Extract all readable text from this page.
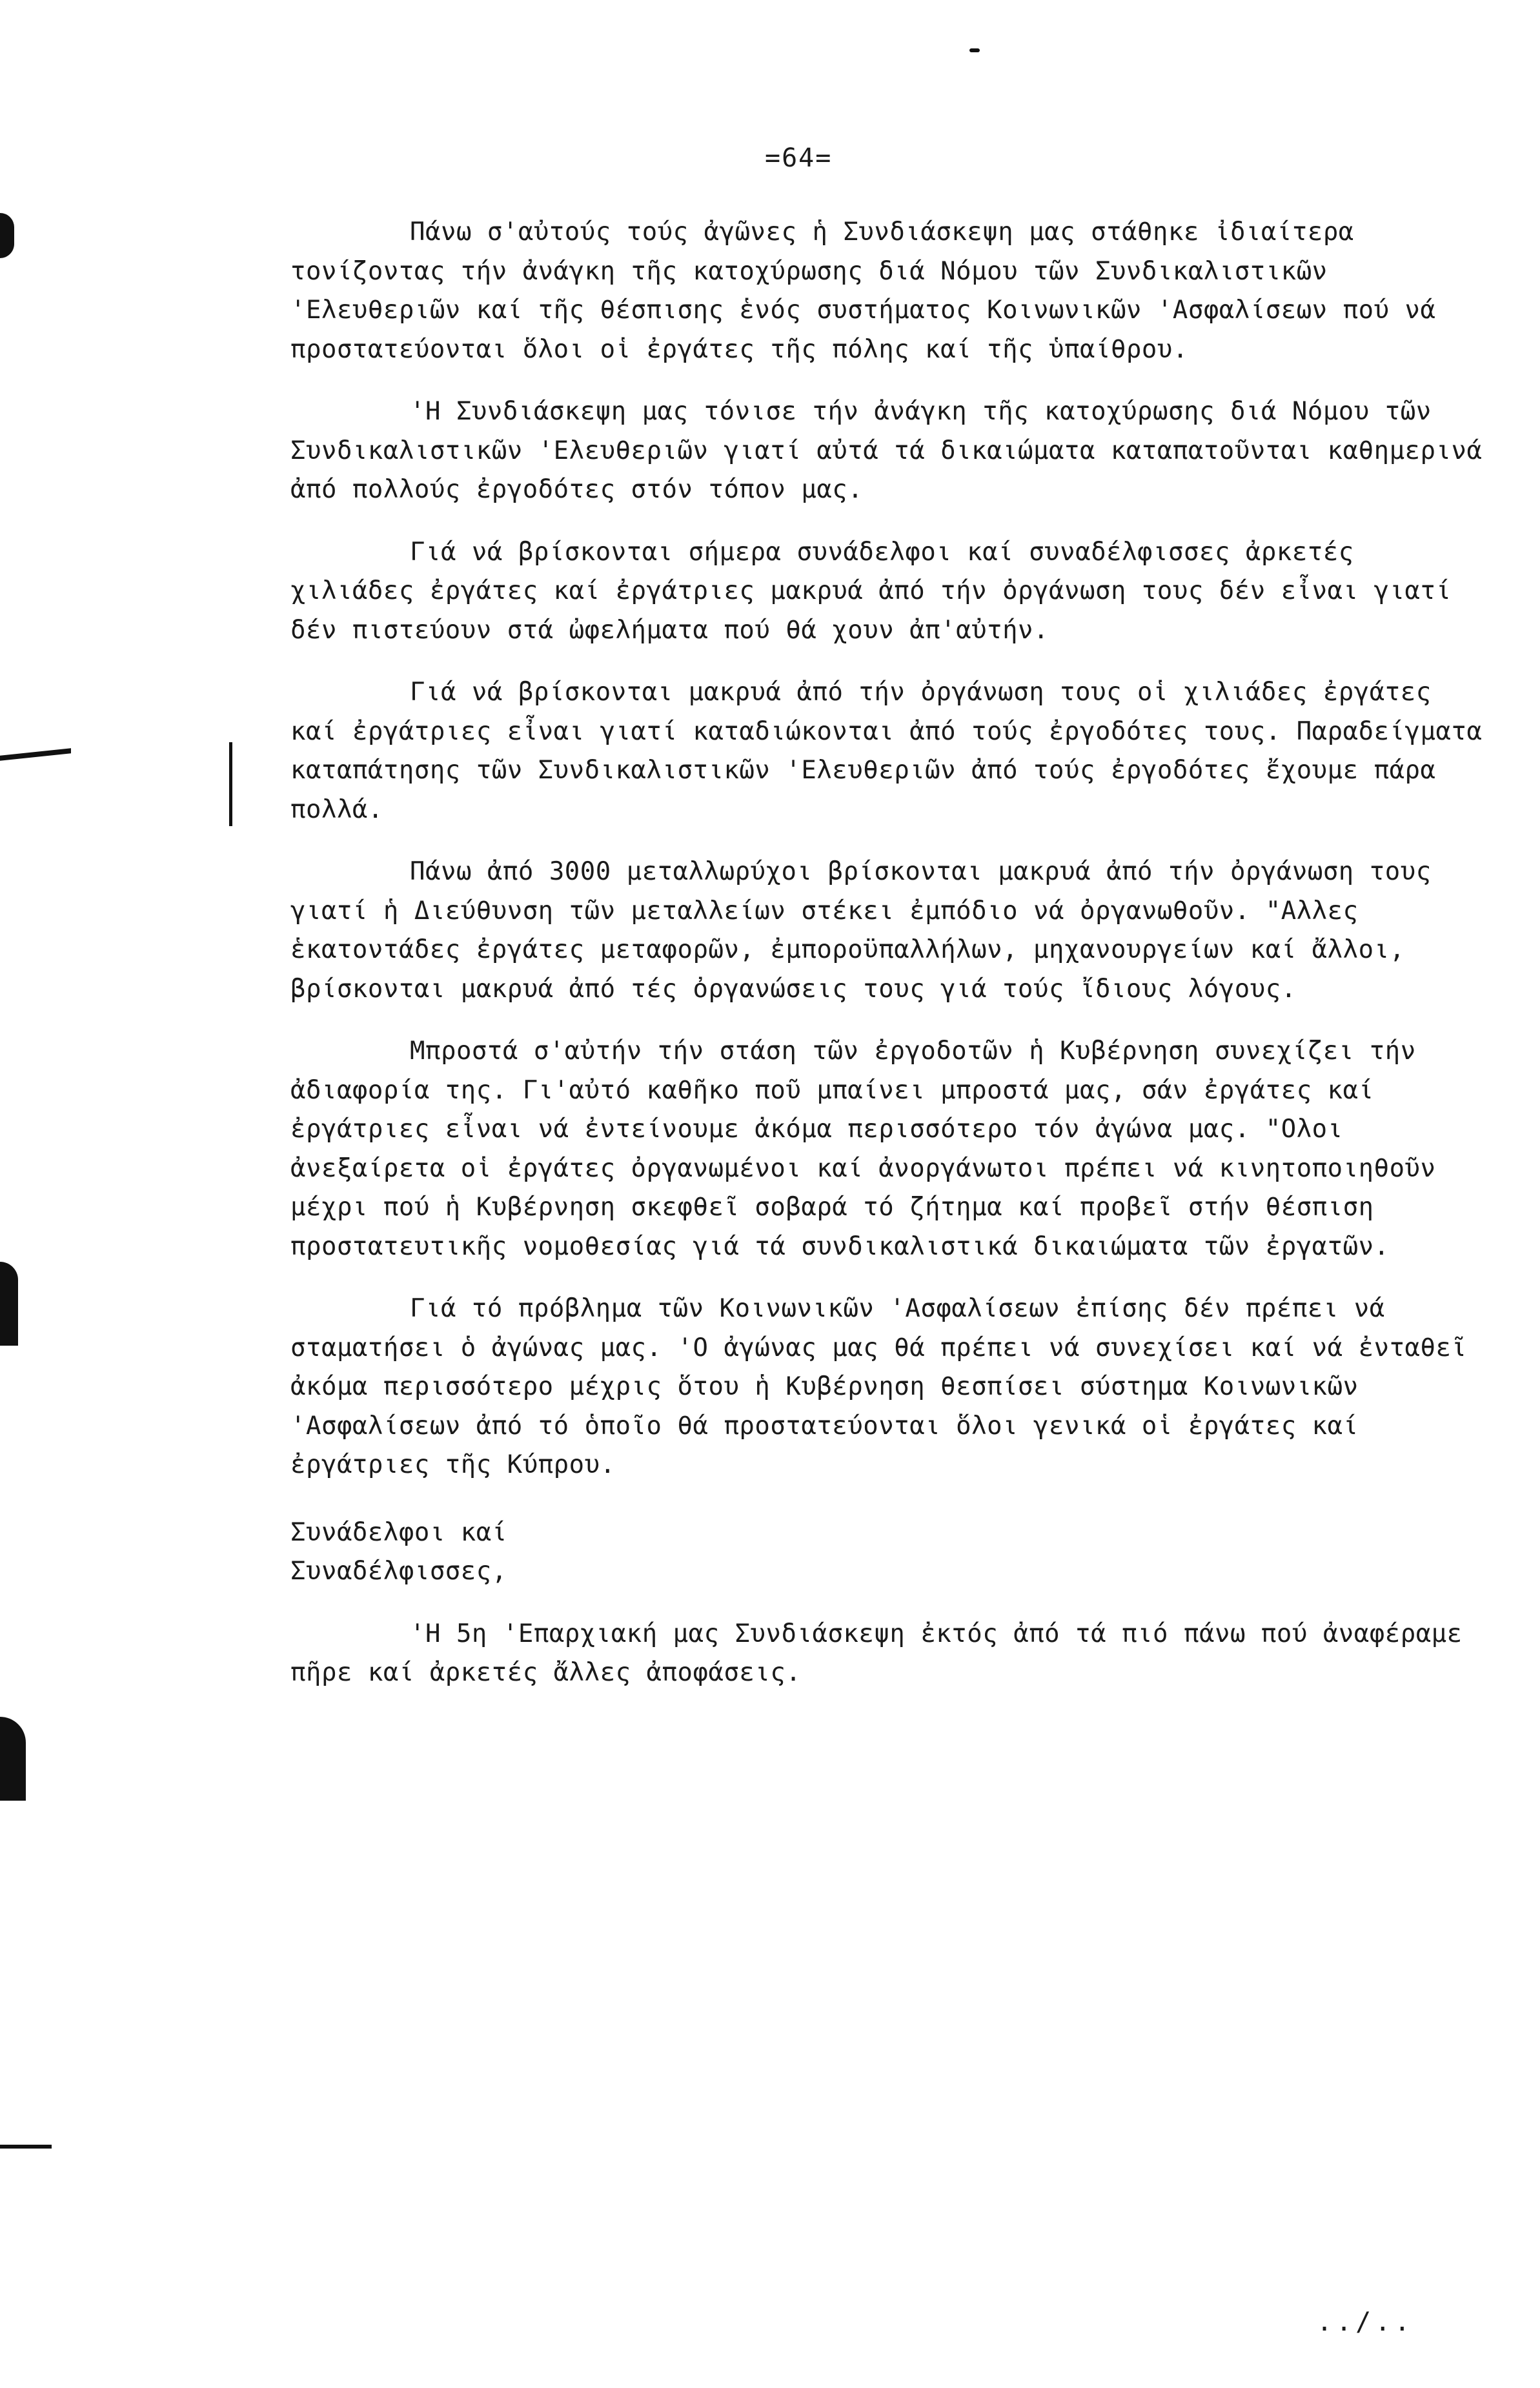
=64=

Πάνω σ'αὐτούς τούς ἀγῶνες ἡ Συνδιάσκεψη μας στάθηκε ἰδιαίτερα τονίζοντας τήν ἀνάγκη τῆς κατοχύρωσης διά Νόμου τῶν Συνδικαλιστικῶν 'Ελευθεριῶν καί τῆς θέσπισης ἑνός συστήματος Κοινωνικῶν 'Ασφαλίσεων πού νά προστατεύονται ὅλοι οἱ ἐργάτες τῆς πόλης καί τῆς ὑπαίθρου.

'Η Συνδιάσκεψη μας τόνισε τήν ἀνάγκη τῆς κατοχύρωσης διά Νόμου τῶν Συνδικαλιστικῶν 'Ελευθεριῶν γιατί αὐτά τά δικαιώματα καταπατοῦνται καθημερινά ἀπό πολλούς ἐργοδότες στόν τόπον μας.

Γιά νά βρίσκονται σήμερα συνάδελφοι καί συναδέλφισσες ἀρκετές χιλιάδες ἐργάτες καί ἐργάτριες μακρυά ἀπό τήν ὀργάνωση τους δέν εἶναι γιατί δέν πιστεύουν στά ὠφελήματα πού θά χουν ἀπ'αὐτήν.

Γιά νά βρίσκονται μακρυά ἀπό τήν ὀργάνωση τους οἱ χιλιάδες ἐργάτες καί ἐργάτριες εἶναι γιατί καταδιώκονται ἀπό τούς ἐργοδότες τους. Παραδείγματα καταπάτησης τῶν Συνδικαλιστικῶν 'Ελευθεριῶν ἀπό τούς ἐργοδότες ἔχουμε πάρα πολλά.

Πάνω ἀπό 3000 μεταλλωρύχοι βρίσκονται μακρυά ἀπό τήν ὀργάνωση τους γιατί ἡ Διεύθυνση τῶν μεταλλείων στέκει ἐμπόδιο νά ὀργανωθοῦν. "Αλλες ἑκατοντάδες ἐργάτες μεταφορῶν, ἐμποροϋπαλλήλων, μηχανουργείων καί ἄλλοι, βρίσκονται μακρυά ἀπό τές ὀργανώσεις τους γιά τούς ἴδιους λόγους.

Μπροστά σ'αὐτήν τήν στάση τῶν ἐργοδοτῶν ἡ Κυβέρνηση συνεχίζει τήν ἀδιαφορία της. Γι'αὐτό καθῆκο ποῦ μπαίνει μπροστά μας, σάν ἐργάτες καί ἐργάτριες εἶναι νά ἐντείνουμε ἀκόμα περισσότερο τόν ἀγώνα μας. "Ολοι ἀνεξαίρετα οἱ ἐργάτες ὀργανωμένοι καί ἀνοργάνωτοι πρέπει νά κινητοποιηθοῦν μέχρι πού ἡ Κυβέρνηση σκεφθεῖ σοβαρά τό ζήτημα καί προβεῖ στήν θέσπιση προστατευτικῆς νομοθεσίας γιά τά συνδικαλιστικά δικαιώματα τῶν ἐργατῶν.

Γιά τό πρόβλημα τῶν Κοινωνικῶν 'Ασφαλίσεων ἐπίσης δέν πρέπει νά σταματήσει ὁ ἀγώνας μας. 'Ο ἀγώνας μας θά πρέπει νά συνεχίσει καί νά ἐνταθεῖ ἀκόμα περισσότερο μέχρις ὅτου ἡ Κυβέρνηση θεσπίσει σύστημα Κοινωνικῶν 'Ασφαλίσεων ἀπό τό ὁποῖο θά προστατεύονται ὅλοι γενικά οἱ ἐργάτες καί ἐργάτριες τῆς Κύπρου.

Συνάδελφοι καί
Συναδέλφισσες,

'Η 5η 'Επαρχιακή μας Συνδιάσκεψη ἐκτός ἀπό τά πιό πάνω πού ἀναφέραμε πῆρε καί ἀρκετές ἄλλες ἀποφάσεις.

../..
